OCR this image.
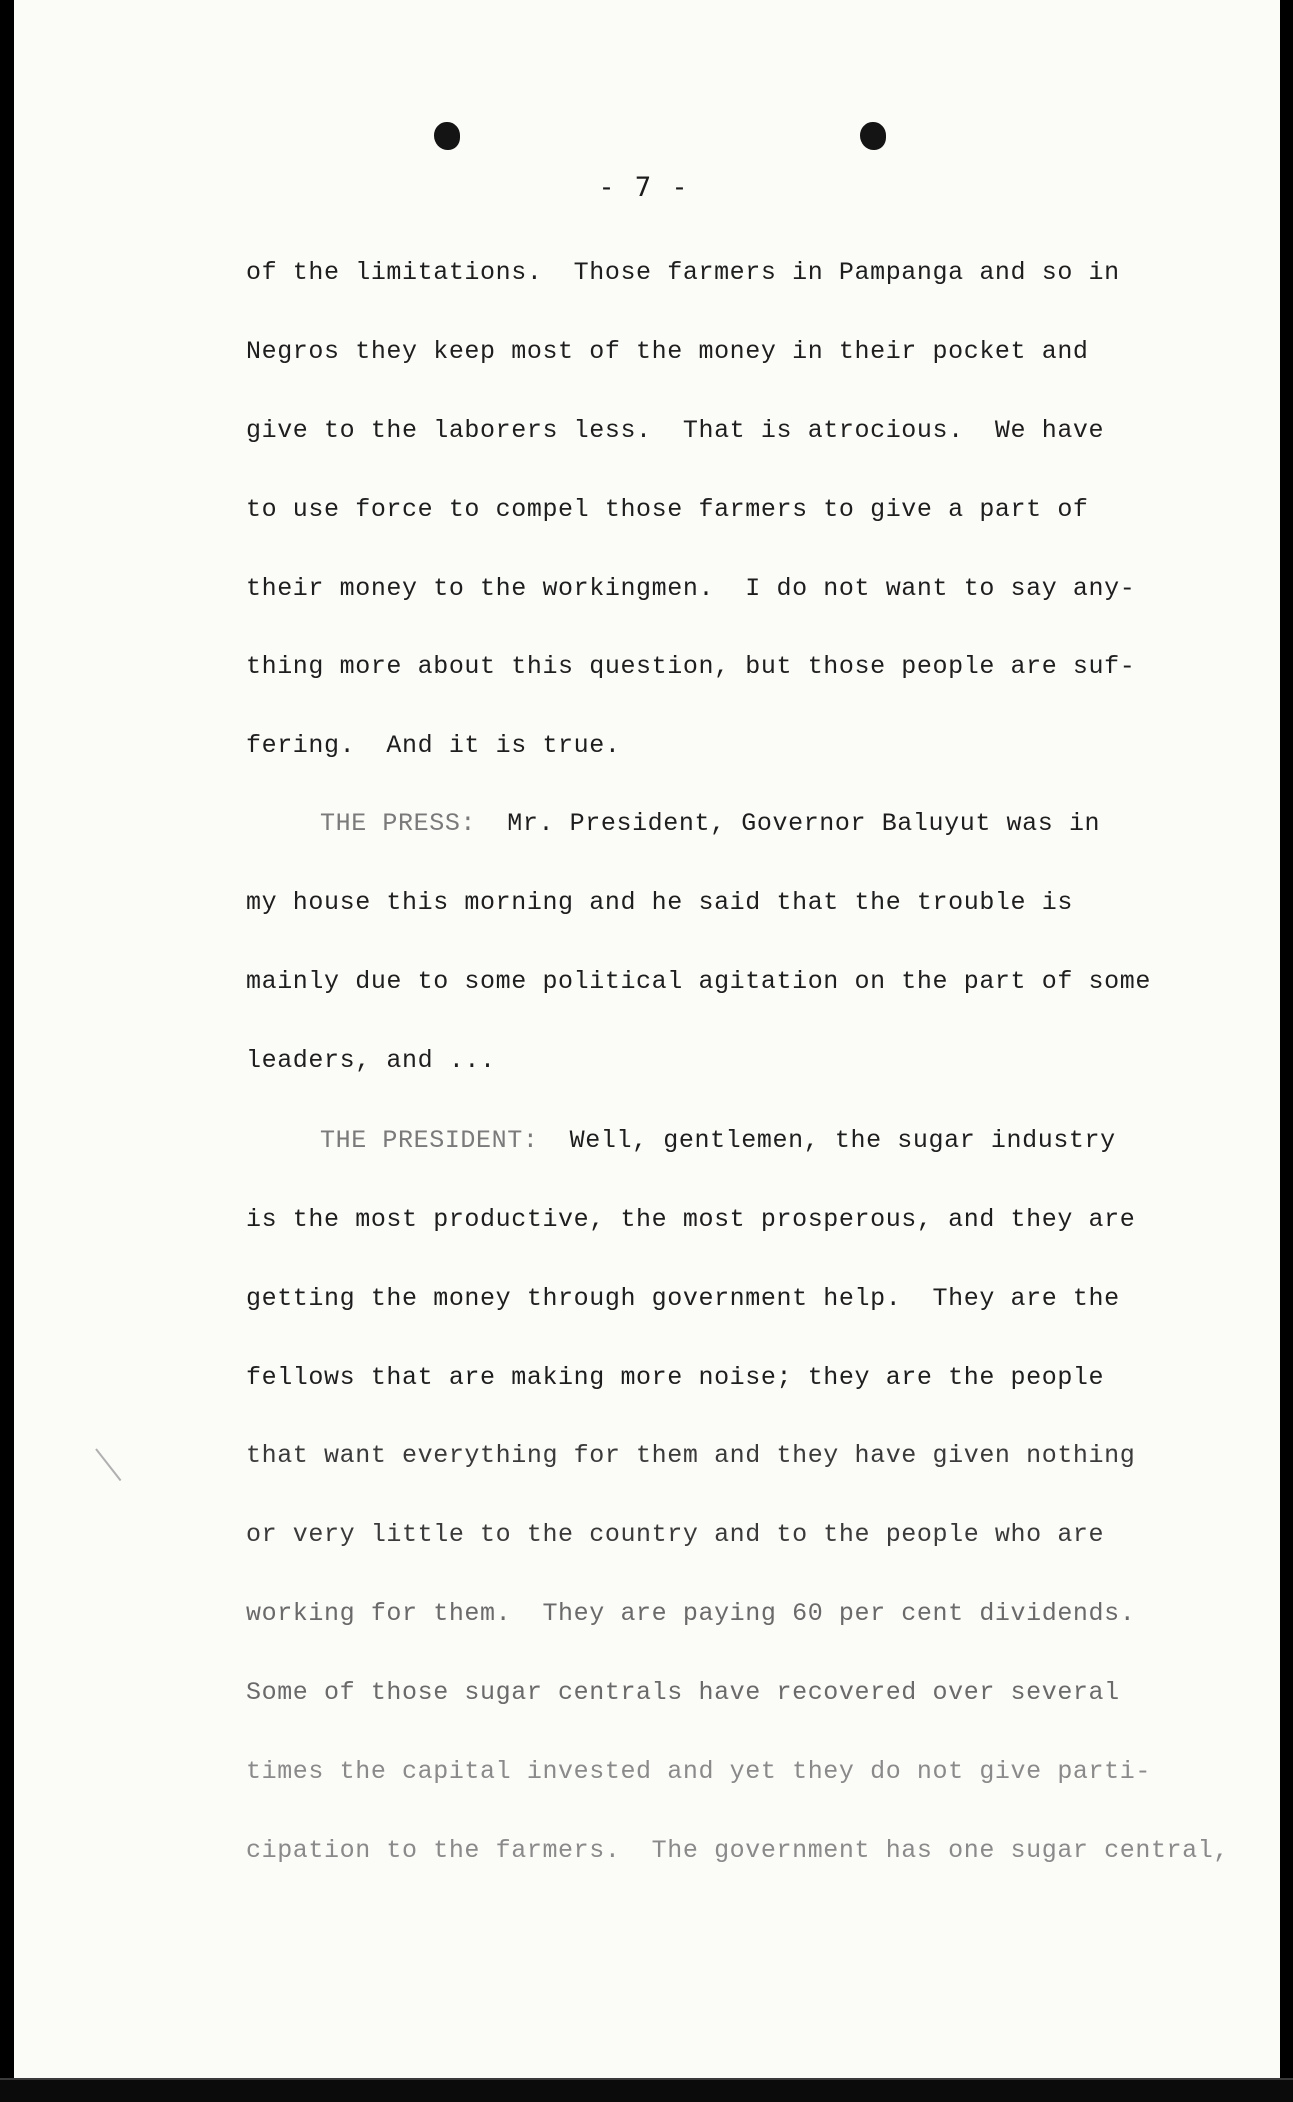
- 7 -
of the limitations.  Those farmers in Pampanga and so in
Negros they keep most of the money in their pocket and
give to the laborers less.  That is atrocious.  We have
to use force to compel those farmers to give a part of
their money to the workingmen.  I do not want to say any-
thing more about this question, but those people are suf-
fering.  And it is true.
THE PRESS: Mr. President, Governor Baluyut was in
my house this morning and he said that the trouble is
mainly due to some political agitation on the part of some
leaders, and ...
THE PRESIDENT: Well, gentlemen, the sugar industry
is the most productive, the most prosperous, and they are
getting the money through government help.  They are the
fellows that are making more noise; they are the people
that want everything for them and they have given nothing
or very little to the country and to the people who are
working for them.  They are paying 60 per cent dividends.
Some of those sugar centrals have recovered over several
times the capital invested and yet they do not give parti-
cipation to the farmers.  The government has one sugar central,
